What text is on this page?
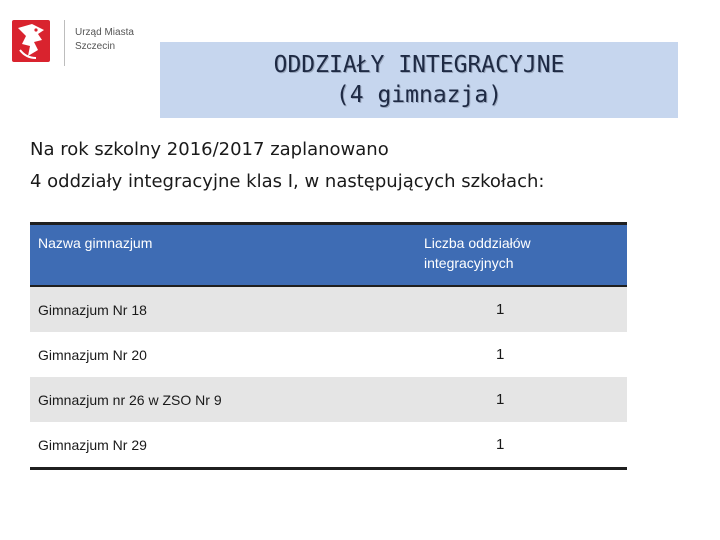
Urząd Miasta
Szczecin
ODDZIAŁY INTEGRACYJNE
(4 gimnazja)
Na rok szkolny 2016/2017 zaplanowano
4 oddziały integracyjne klas I, w następujących szkołach:
Nazwa gimnazjum	Liczba oddziałów integracyjnych
Gimnazjum Nr 18	1
Gimnazjum Nr 20	1
Gimnazjum nr 26 w ZSO Nr 9	1
Gimnazjum Nr 29	1
